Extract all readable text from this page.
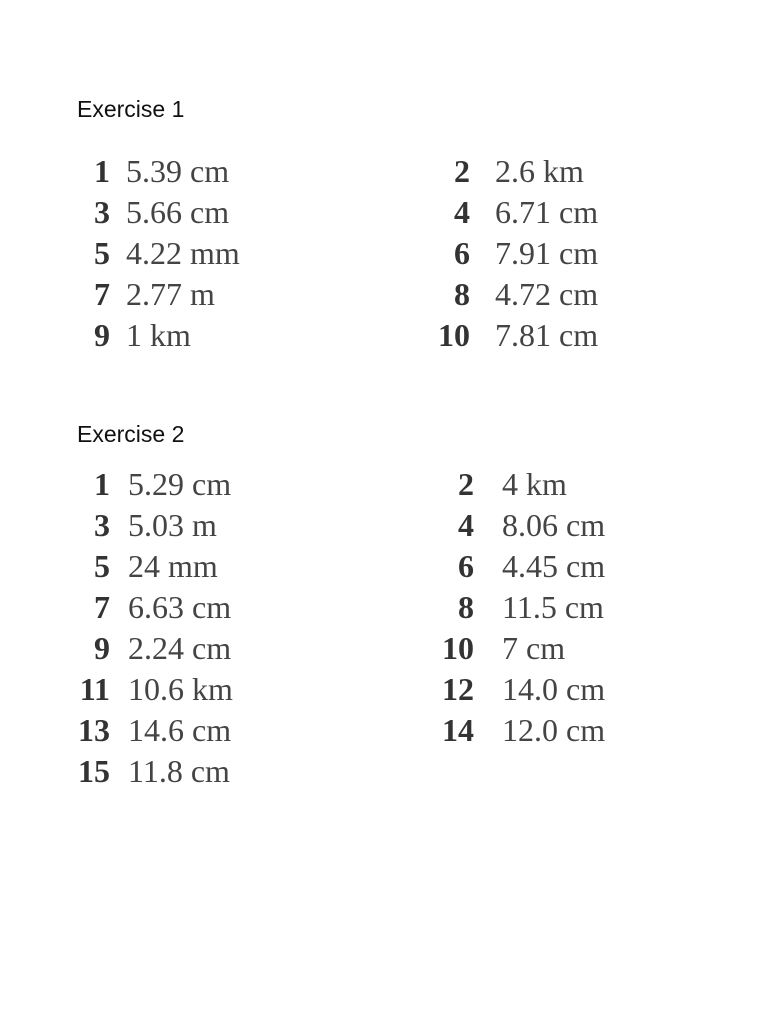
Exercise 1
1 5.39 cm
3 5.66 cm
5 4.22 mm
7 2.77 m
9 1 km
2 2.6 km
4 6.71 cm
6 7.91 cm
8 4.72 cm
10 7.81 cm
Exercise 2
1 5.29 cm
3 5.03 m
5 24 mm
7 6.63 cm
9 2.24 cm
11 10.6 km
13 14.6 cm
15 11.8 cm
2 4 km
4 8.06 cm
6 4.45 cm
8 11.5 cm
10 7 cm
12 14.0 cm
14 12.0 cm
